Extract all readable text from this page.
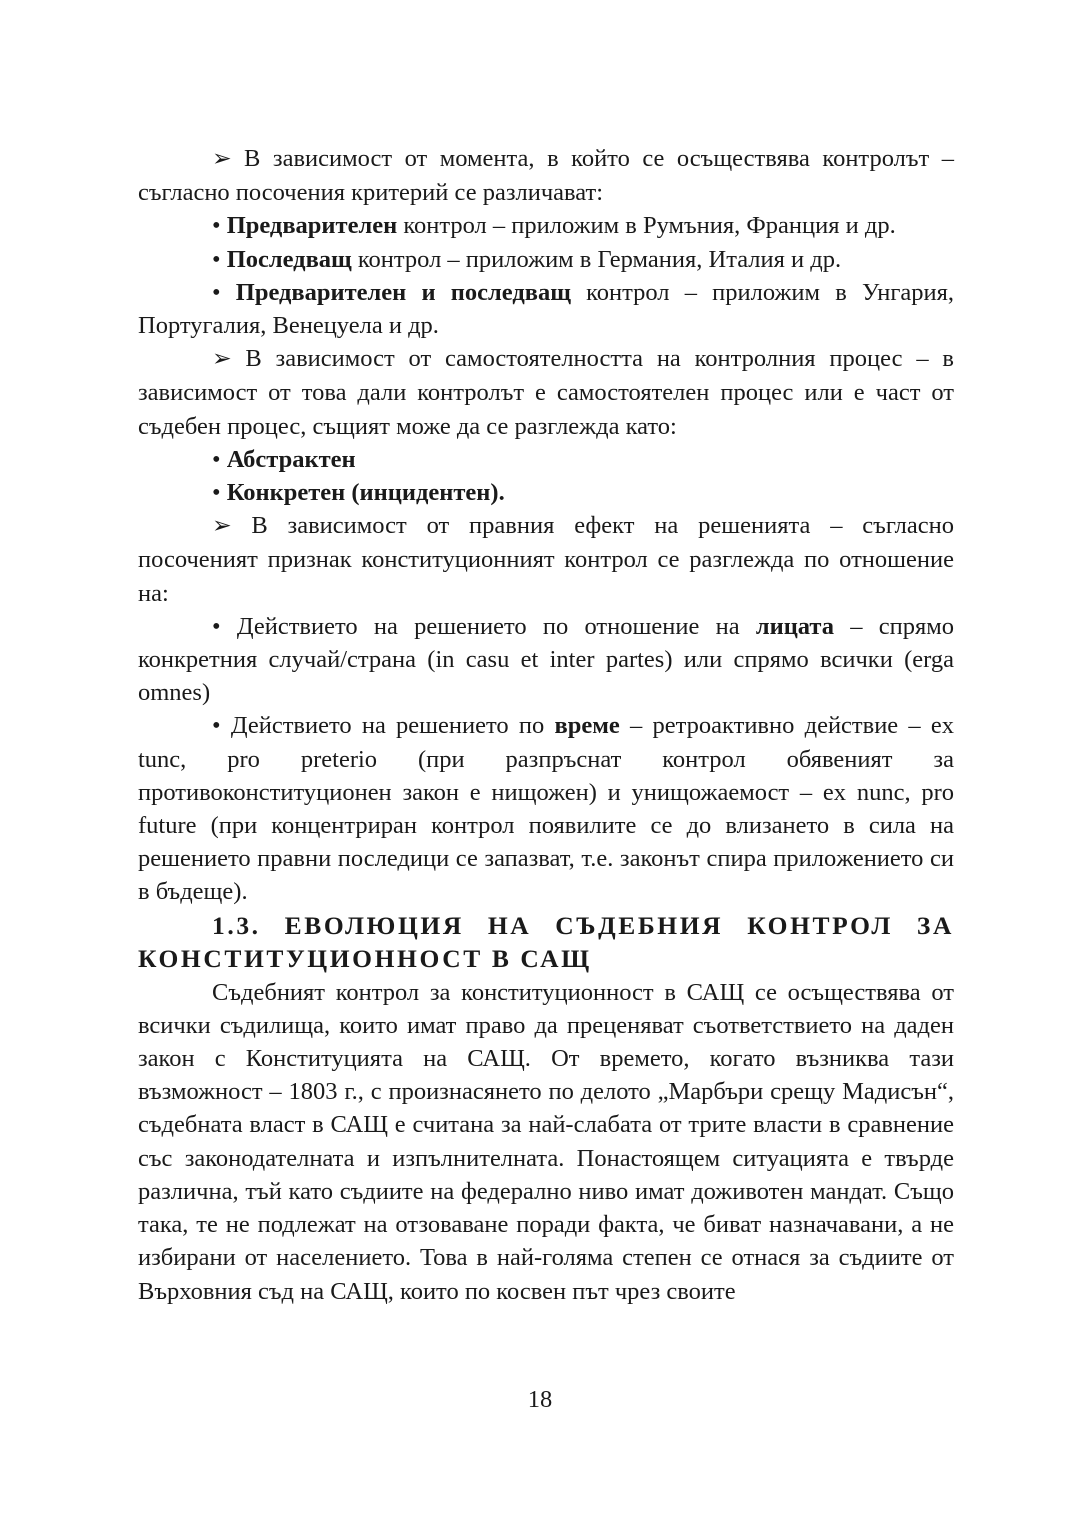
➢ В зависимост от момента, в който се осъществява контролът – съгласно посочения критерий се различават:

• Предварителен контрол – приложим в Румъния, Франция и др.

• Последващ контрол – приложим в Германия, Италия и др.

• Предварителен и последващ контрол – приложим в Унгария, Португалия, Венецуела и др.

➢ В зависимост от самостоятелността на контролния процес – в зависимост от това дали контролът е самостоятелен процес или е част от съдебен процес, същият може да се разглежда като:

• Абстрактен

• Конкретен (инцидентен).

➢ В зависимост от правния ефект на решенията – съгласно посоченият признак конституционният контрол се разглежда по отношение на:

• Действието на решението по отношение на лицата – спрямо конкретния случай/страна (in casu et inter partes) или спрямо всички (erga omnes)

• Действието на решението по време – ретроактивно действие – ex tunc, pro preterio (при разпръснат контрол обявеният за противоконституционен закон е нищожен) и унищожаемост – ex nunc, pro future (при концентриран контрол появилите се до влизането в сила на решението правни последици се запазват, т.е. законът спира прилoжението си в бъдеще).

1.3. ЕВОЛЮЦИЯ НА СЪДЕБНИЯ КОНТРОЛ ЗА КОНСТИТУЦИОННОСТ В САЩ

Съдебният контрол за конституционност в САЩ се осъществява от всички съдилища, които имат право да преценяват съответствието на даден закон с Конституцията на САЩ. От времето, когато възниква тази възможност – 1803 г., с произнасянето по делото „Марбъри срещу Мадисън“, съдебната власт в САЩ е считана за най-слабата от трите власти в сравнение със законодателната и изпълнителната. Понастоящем ситуацията е твърде различна, тъй като съдиите на федерално ниво имат доживотен мандат. Също така, те не подлежат на отзоваване поради факта, че биват назначавани, а не избирани от населението. Това в най-голяма степен се отнася за съдиите от Върховния съд на САЩ, които по косвен път чрез своите

18
